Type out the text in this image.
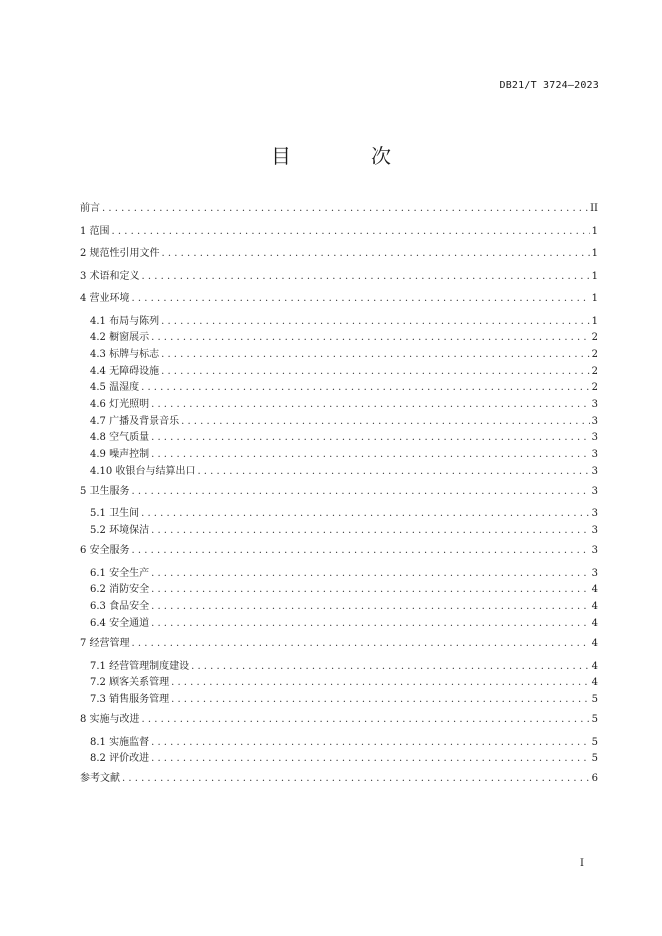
DB21/T 3724—2023
目　次
前言 . . .	II
1 范围 . . .	1
2 规范性引用文件 . . .	1
3 术语和定义 . . .	1
4 营业环境 . . .	1
4.1 布局与陈列 . . .	1
4.2 橱窗展示 . . .	2
4.3 标牌与标志 . . .	2
4.4 无障碍设施 . . .	2
4.5 温湿度 . . .	2
4.6 灯光照明 . . .	3
4.7 广播及背景音乐 . . .	3
4.8 空气质量 . . .	3
4.9 噪声控制 . . .	3
4.10 收银台与结算出口 . . .	3
5 卫生服务 . . .	3
5.1 卫生间 . . .	3
5.2 环境保洁 . . .	3
6 安全服务 . . .	3
6.1 安全生产 . . .	3
6.2 消防安全 . . .	4
6.3 食品安全 . . .	4
6.4 安全通道 . . .	4
7 经营管理 . . .	4
7.1 经营管理制度建设 . . .	4
7.2 顾客关系管理 . . .	4
7.3 销售服务管理 . . .	5
8 实施与改进 . . .	5
8.1 实施监督 . . .	5
8.2 评价改进 . . .	5
参考文献 . . .	6
I
